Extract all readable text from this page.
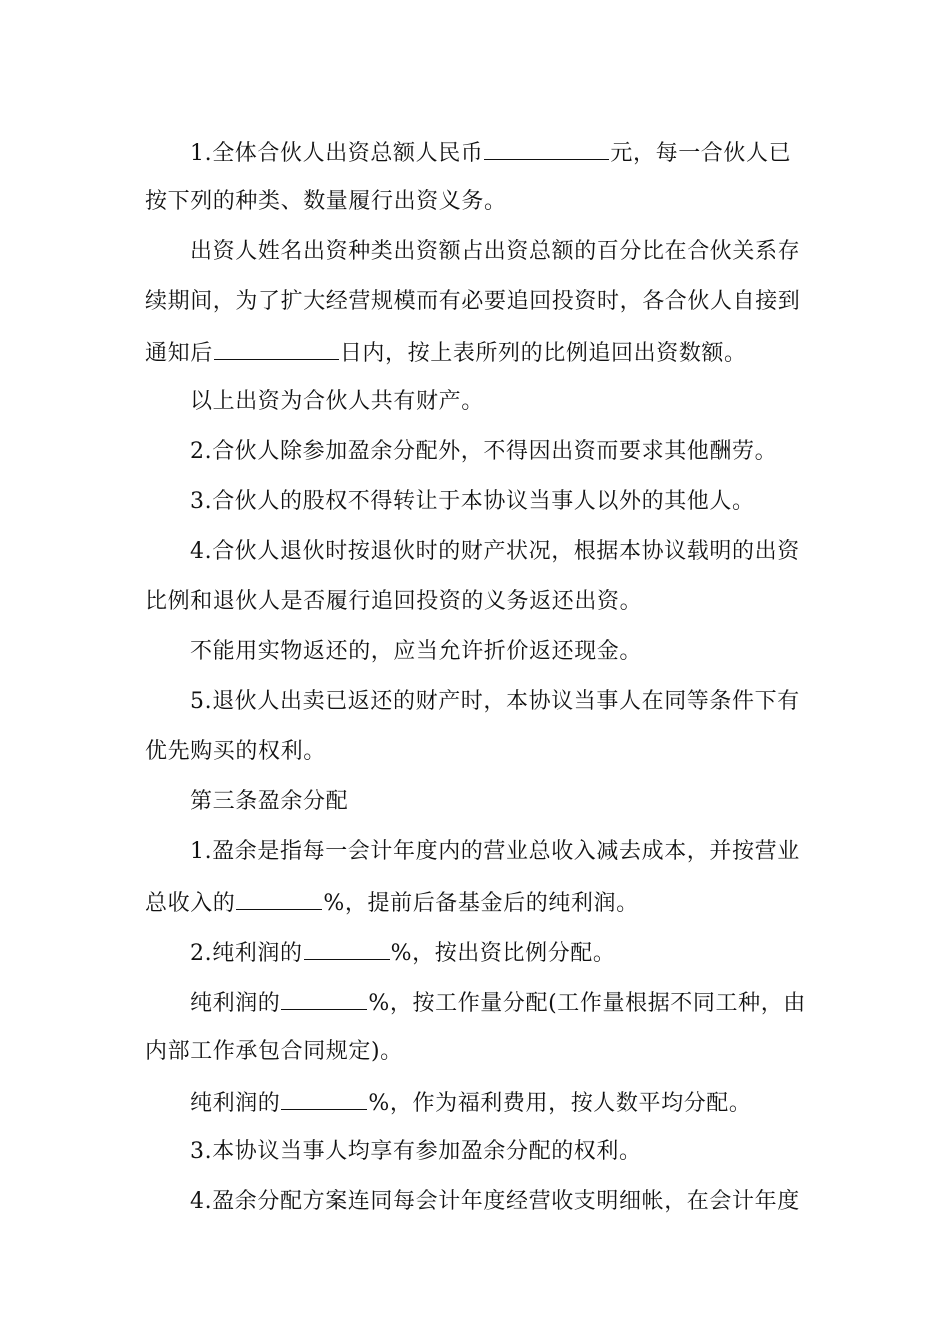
1.全体合伙人出资总额人民币	元，每一合伙人已
按下列的种类、数量履行出资义务。
出资人姓名出资种类出资额占出资总额的百分比在合伙关系存
续期间，为了扩大经营规模而有必要追回投资时，各合伙人自接到
通知后	日内，按上表所列的比例追回出资数额。
以上出资为合伙人共有财产。
2.合伙人除参加盈余分配外，不得因出资而要求其他酬劳。
3.合伙人的股权不得转让于本协议当事人以外的其他人。
4.合伙人退伙时按退伙时的财产状况，根据本协议载明的出资
比例和退伙人是否履行追回投资的义务返还出资。
不能用实物返还的，应当允许折价返还现金。
5.退伙人出卖已返还的财产时，本协议当事人在同等条件下有
优先购买的权利。
第三条盈余分配
1.盈余是指每一会计年度内的营业总收入减去成本，并按营业
总收入的	%，提前后备基金后的纯利润。
2.纯利润的	%，按出资比例分配。
纯利润的	%，按工作量分配(工作量根据不同工种，由
内部工作承包合同规定)。
纯利润的	%，作为福利费用，按人数平均分配。
3.本协议当事人均享有参加盈余分配的权利。
4.盈余分配方案连同每会计年度经营收支明细帐，在会计年度
